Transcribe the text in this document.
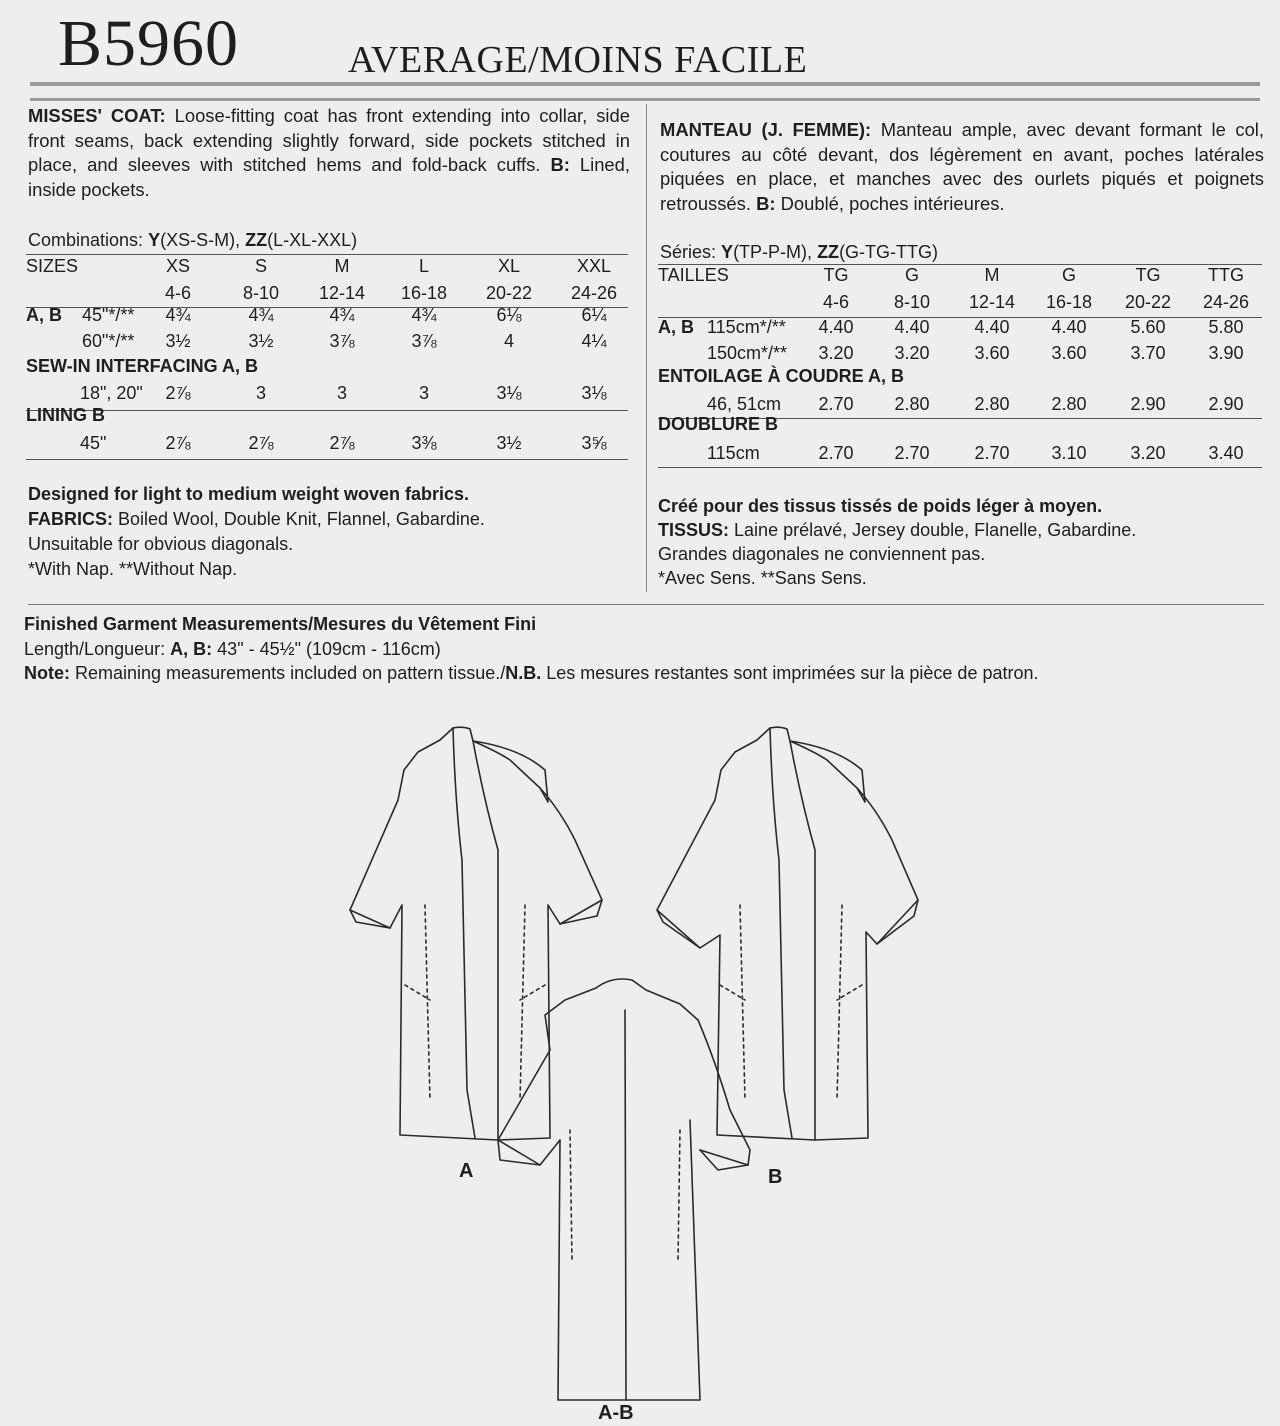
B5960	AVERAGE/MOINS FACILE
MISSES' COAT: Loose-fitting coat has front extending into collar, side front seams, back extending slightly forward, side pockets stitched in place, and sleeves with stitched hems and fold-back cuffs. B: Lined, inside pockets.
MANTEAU (J. FEMME): Manteau ample, avec devant formant le col, coutures au côté devant, dos légèrement en avant, poches latérales piquées en place, et manches avec des ourlets piqués et poignets retroussés. B: Doublé, poches intérieures.
Combinations: Y(XS-S-M), ZZ(L-XL-XXL)
Séries: Y(TP-P-M), ZZ(G-TG-TTG)
SIZES	XS	S	M	L	XL	XXL
4-6	8-10 12-14 16-18 20-22 24-26
A, B 45"*/** 4¾	4¾	4¾	4¾	6⅛	6¼
60"*/** 3½	3½	3⅞	3⅞	4	4¼
SEW-IN INTERFACING A, B
18", 20" 2⅞	3	3	3	3⅛	3⅛
LINING B
45"	2⅞	2⅞	2⅞	3⅜	3½	3⅝
TAILLES	TG	G	M	G	TG	TTG
4-6 8-10 12-14 16-18 20-22 24-26
A, B 115cm*/** 4.40 4.40 4.40 4.40 5.60 5.80
150cm*/** 3.20 3.20 3.60 3.60 3.70 3.90
ENTOILAGE À COUDRE A, B
46, 51cm 2.70 2.80 2.80 2.80 2.90 2.90
DOUBLURE B
115cm	2.70 2.70 2.70 3.10 3.20 3.40
Designed for light to medium weight woven fabrics.
FABRICS: Boiled Wool, Double Knit, Flannel, Gabardine.
Unsuitable for obvious diagonals.
*With Nap. **Without Nap.
Créé pour des tissus tissés de poids léger à moyen.
TISSUS: Laine prélavé, Jersey double, Flanelle, Gabardine.
Grandes diagonales ne conviennent pas.
*Avec Sens. **Sans Sens.
Finished Garment Measurements/Mesures du Vêtement Fini
Length/Longueur: A, B: 43" - 45½" (109cm - 116cm)
Note: Remaining measurements included on pattern tissue./N.B. Les mesures restantes sont imprimées sur la pièce de patron.
A	B
A-B
